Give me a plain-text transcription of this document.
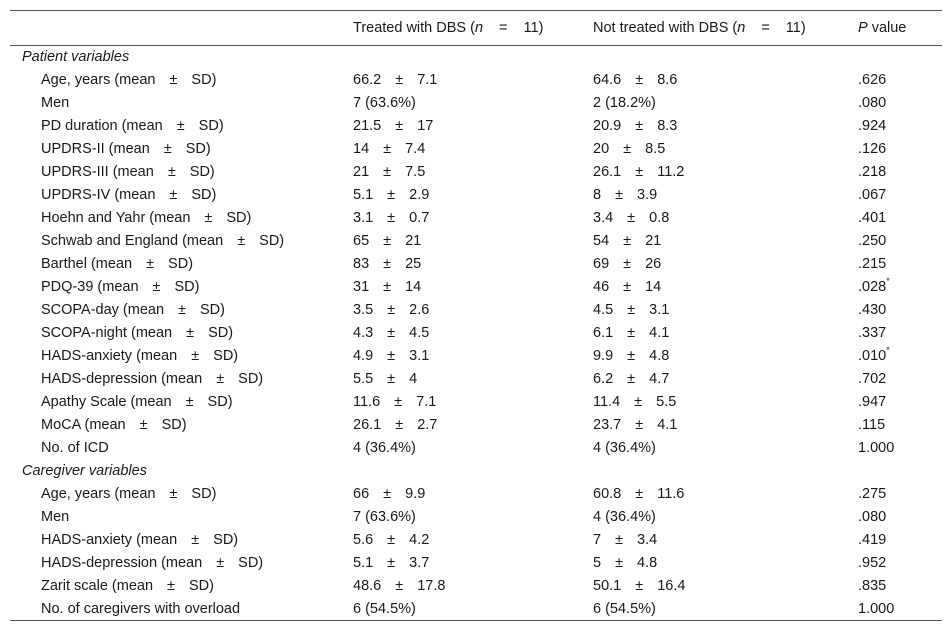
	Treated with DBS (n = 11)	Not treated with DBS (n = 11)	P value
Patient variables			
Age, years (mean ± SD)	66.2 ± 7.1	64.6 ± 8.6	.626
Men	7 (63.6%)	2 (18.2%)	.080
PD duration (mean ± SD)	21.5 ± 17	20.9 ± 8.3	.924
UPDRS-II (mean ± SD)	14 ± 7.4	20 ± 8.5	.126
UPDRS-III (mean ± SD)	21 ± 7.5	26.1 ± 11.2	.218
UPDRS-IV (mean ± SD)	5.1 ± 2.9	8 ± 3.9	.067
Hoehn and Yahr (mean ± SD)	3.1 ± 0.7	3.4 ± 0.8	.401
Schwab and England (mean ± SD)	65 ± 21	54 ± 21	.250
Barthel (mean ± SD)	83 ± 25	69 ± 26	.215
PDQ-39 (mean ± SD)	31 ± 14	46 ± 14	.028*
SCOPA-day (mean ± SD)	3.5 ± 2.6	4.5 ± 3.1	.430
SCOPA-night (mean ± SD)	4.3 ± 4.5	6.1 ± 4.1	.337
HADS-anxiety (mean ± SD)	4.9 ± 3.1	9.9 ± 4.8	.010*
HADS-depression (mean ± SD)	5.5 ± 4	6.2 ± 4.7	.702
Apathy Scale (mean ± SD)	11.6 ± 7.1	11.4 ± 5.5	.947
MoCA (mean ± SD)	26.1 ± 2.7	23.7 ± 4.1	.115
No. of ICD	4 (36.4%)	4 (36.4%)	1.000
Caregiver variables			
Age, years (mean ± SD)	66 ± 9.9	60.8 ± 11.6	.275
Men	7 (63.6%)	4 (36.4%)	.080
HADS-anxiety (mean ± SD)	5.6 ± 4.2	7 ± 3.4	.419
HADS-depression (mean ± SD)	5.1 ± 3.7	5 ± 4.8	.952
Zarit scale (mean ± SD)	48.6 ± 17.8	50.1 ± 16.4	.835
No. of caregivers with overload	6 (54.5%)	6 (54.5%)	1.000
